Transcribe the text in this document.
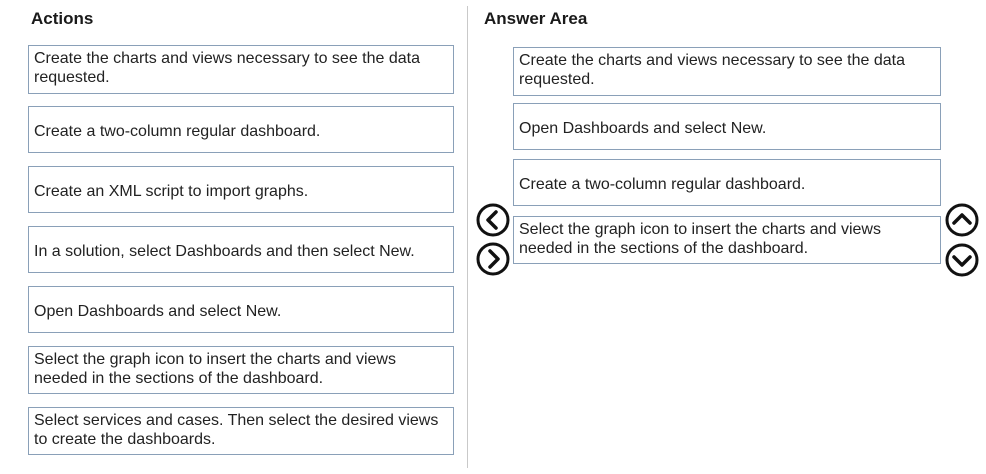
Actions	Answer Area
Create the charts and views necessary to see the data requested.
Create a two-column regular dashboard.
Create an XML script to import graphs.
In a solution, select Dashboards and then select New.
Open Dashboards and select New.
Select the graph icon to insert the charts and views needed in the sections of the dashboard.
Select services and cases. Then select the desired views to create the dashboards.
Create the charts and views necessary to see the data requested.
Open Dashboards and select New.
Create a two-column regular dashboard.
Select the graph icon to insert the charts and views needed in the sections of the dashboard.
